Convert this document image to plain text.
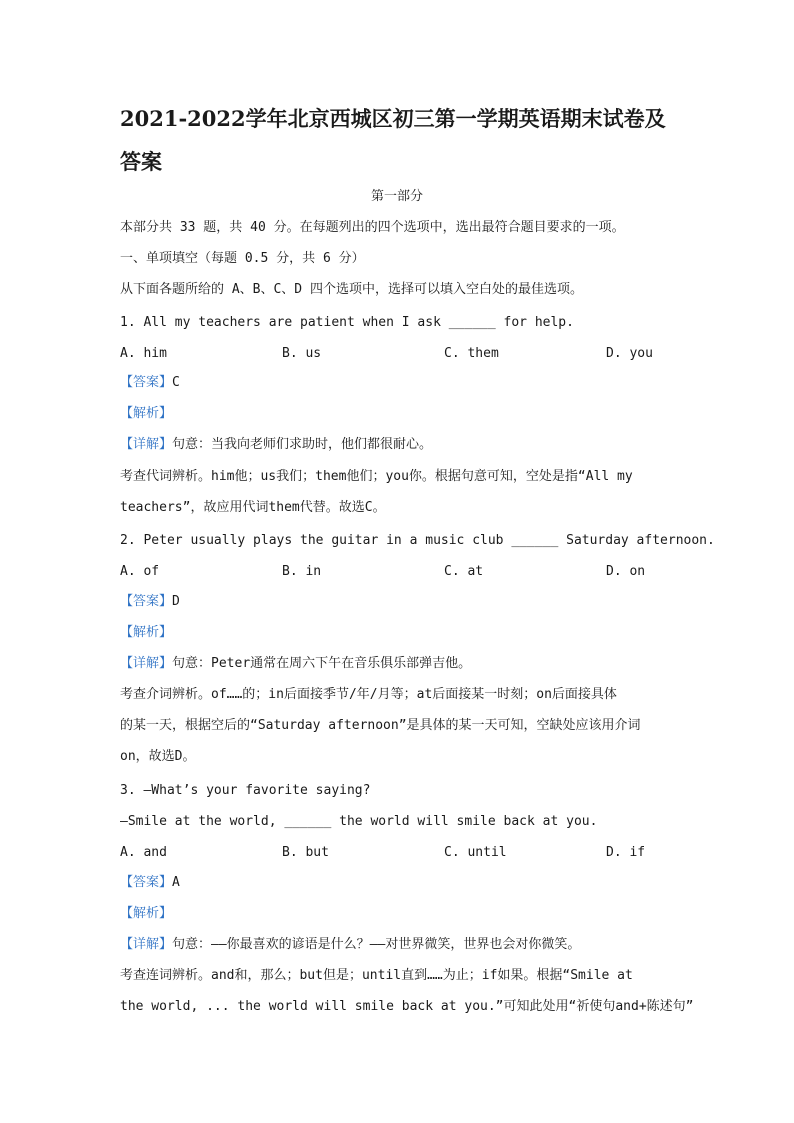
2021-2022学年北京西城区初三第一学期英语期末试卷及答案
第一部分
本部分共 33 题，共 40 分。在每题列出的四个选项中，选出最符合题目要求的一项。
一、单项填空（每题 0.5 分，共 6 分）
从下面各题所给的 A、B、C、D 四个选项中，选择可以填入空白处的最佳选项。
1. All my teachers are patient when I ask ______ for help.
A. him	B. us	C. them	D. you
【答案】C
【解析】
【详解】句意：当我向老师们求助时，他们都很耐心。
考查代词辨析。him他；us我们；them他们；you你。根据句意可知，空处是指“All my
teachers”，故应用代词them代替。故选C。
2. Peter usually plays the guitar in a music club ______ Saturday afternoon.
A. of	B. in	C. at	D. on
【答案】D
【解析】
【详解】句意：Peter通常在周六下午在音乐俱乐部弹吉他。
考查介词辨析。of……的；in后面接季节/年/月等；at后面接某一时刻；on后面接具体
的某一天，根据空后的“Saturday afternoon”是具体的某一天可知，空缺处应该用介词
on，故选D。
3. —What’s your favorite saying?
—Smile at the world, ______ the world will smile back at you.
A. and	B. but	C. until	D. if
【答案】A
【解析】
【详解】句意：——你最喜欢的谚语是什么？——对世界微笑，世界也会对你微笑。
考查连词辨析。and和，那么；but但是；until直到……为止；if如果。根据“Smile at
the world, ... the world will smile back at you.”可知此处用“祈使句and+陈述句”
